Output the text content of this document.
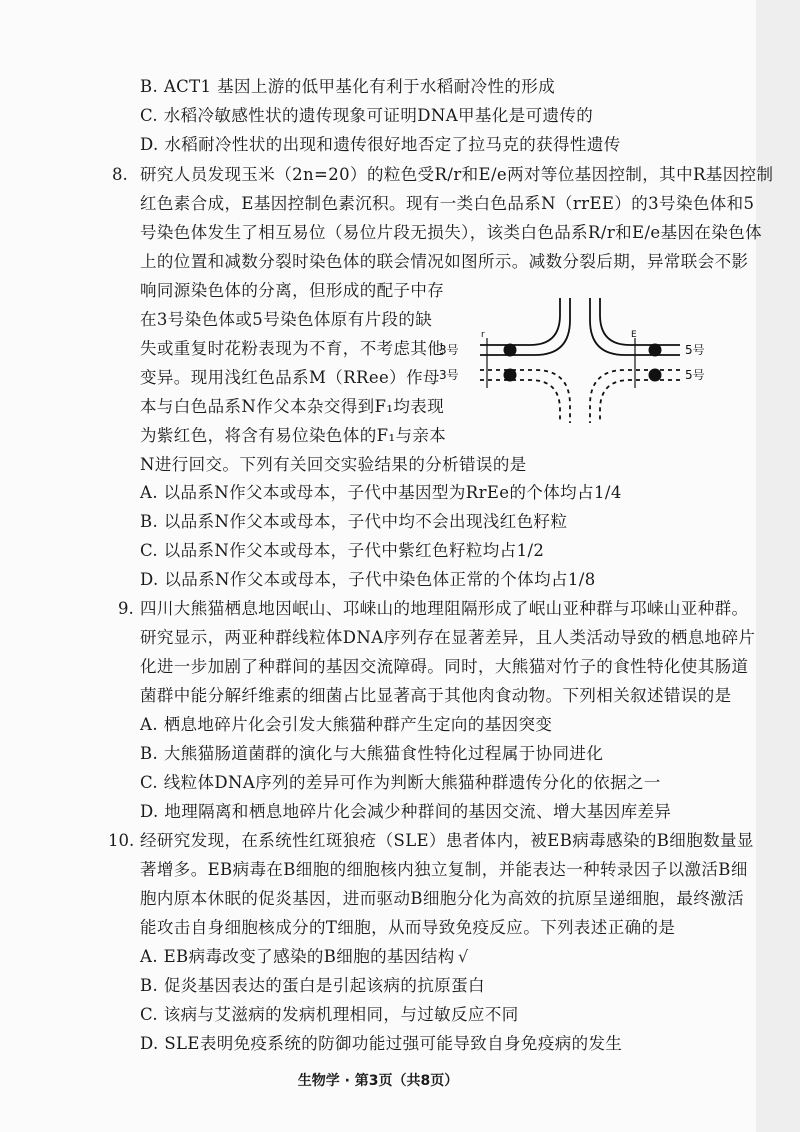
B. ACT1 基因上游的低甲基化有利于水稻耐冷性的形成
C. 水稻冷敏感性状的遗传现象可证明DNA甲基化是可遗传的
D. 水稻耐冷性状的出现和遗传很好地否定了拉马克的获得性遗传
8. 研究人员发现玉米（2n=20）的粒色受R/r和E/e两对等位基因控制，其中R基因控制
红色素合成，E基因控制色素沉积。现有一类白色品系N（rrEE）的3号染色体和5
号染色体发生了相互易位（易位片段无损失），该类白色品系R/r和E/e基因在染色体
上的位置和减数分裂时染色体的联会情况如图所示。减数分裂后期，异常联会不影
响同源染色体的分离，但形成的配子中存
在3号染色体或5号染色体原有片段的缺
失或重复时花粉表现为不育，不考虑其他
变异。现用浅红色品系M（RRee）作母
本与白色品系N作父本杂交得到F₁均表现
为紫红色，将含有易位染色体的F₁与亲本
N进行回交。下列有关回交实验结果的分析错误的是
r	E
3号
3号
5号
5号
A. 以品系N作父本或母本，子代中基因型为RrEe的个体均占1/4
B. 以品系N作父本或母本，子代中均不会出现浅红色籽粒
C. 以品系N作父本或母本，子代中紫红色籽粒均占1/2
D. 以品系N作父本或母本，子代中染色体正常的个体均占1/8
9. 四川大熊猫栖息地因岷山、邛崃山的地理阻隔形成了岷山亚种群与邛崃山亚种群。
研究显示，两亚种群线粒体DNA序列存在显著差异，且人类活动导致的栖息地碎片
化进一步加剧了种群间的基因交流障碍。同时，大熊猫对竹子的食性特化使其肠道
菌群中能分解纤维素的细菌占比显著高于其他肉食动物。下列相关叙述错误的是
A. 栖息地碎片化会引发大熊猫种群产生定向的基因突变
B. 大熊猫肠道菌群的演化与大熊猫食性特化过程属于协同进化
C. 线粒体DNA序列的差异可作为判断大熊猫种群遗传分化的依据之一
D. 地理隔离和栖息地碎片化会减少种群间的基因交流、增大基因库差异
10. 经研究发现，在系统性红斑狼疮（SLE）患者体内，被EB病毒感染的B细胞数量显
著增多。EB病毒在B细胞的细胞核内独立复制，并能表达一种转录因子以激活B细
胞内原本休眠的促炎基因，进而驱动B细胞分化为高效的抗原呈递细胞，最终激活
能攻击自身细胞核成分的T细胞，从而导致免疫反应。下列表述正确的是
A. EB病毒改变了感染的B细胞的基因结构 √
B. 促炎基因表达的蛋白是引起该病的抗原蛋白
C. 该病与艾滋病的发病机理相同，与过敏反应不同
D. SLE表明免疫系统的防御功能过强可能导致自身免疫病的发生
生物学 · 第3页（共8页）
